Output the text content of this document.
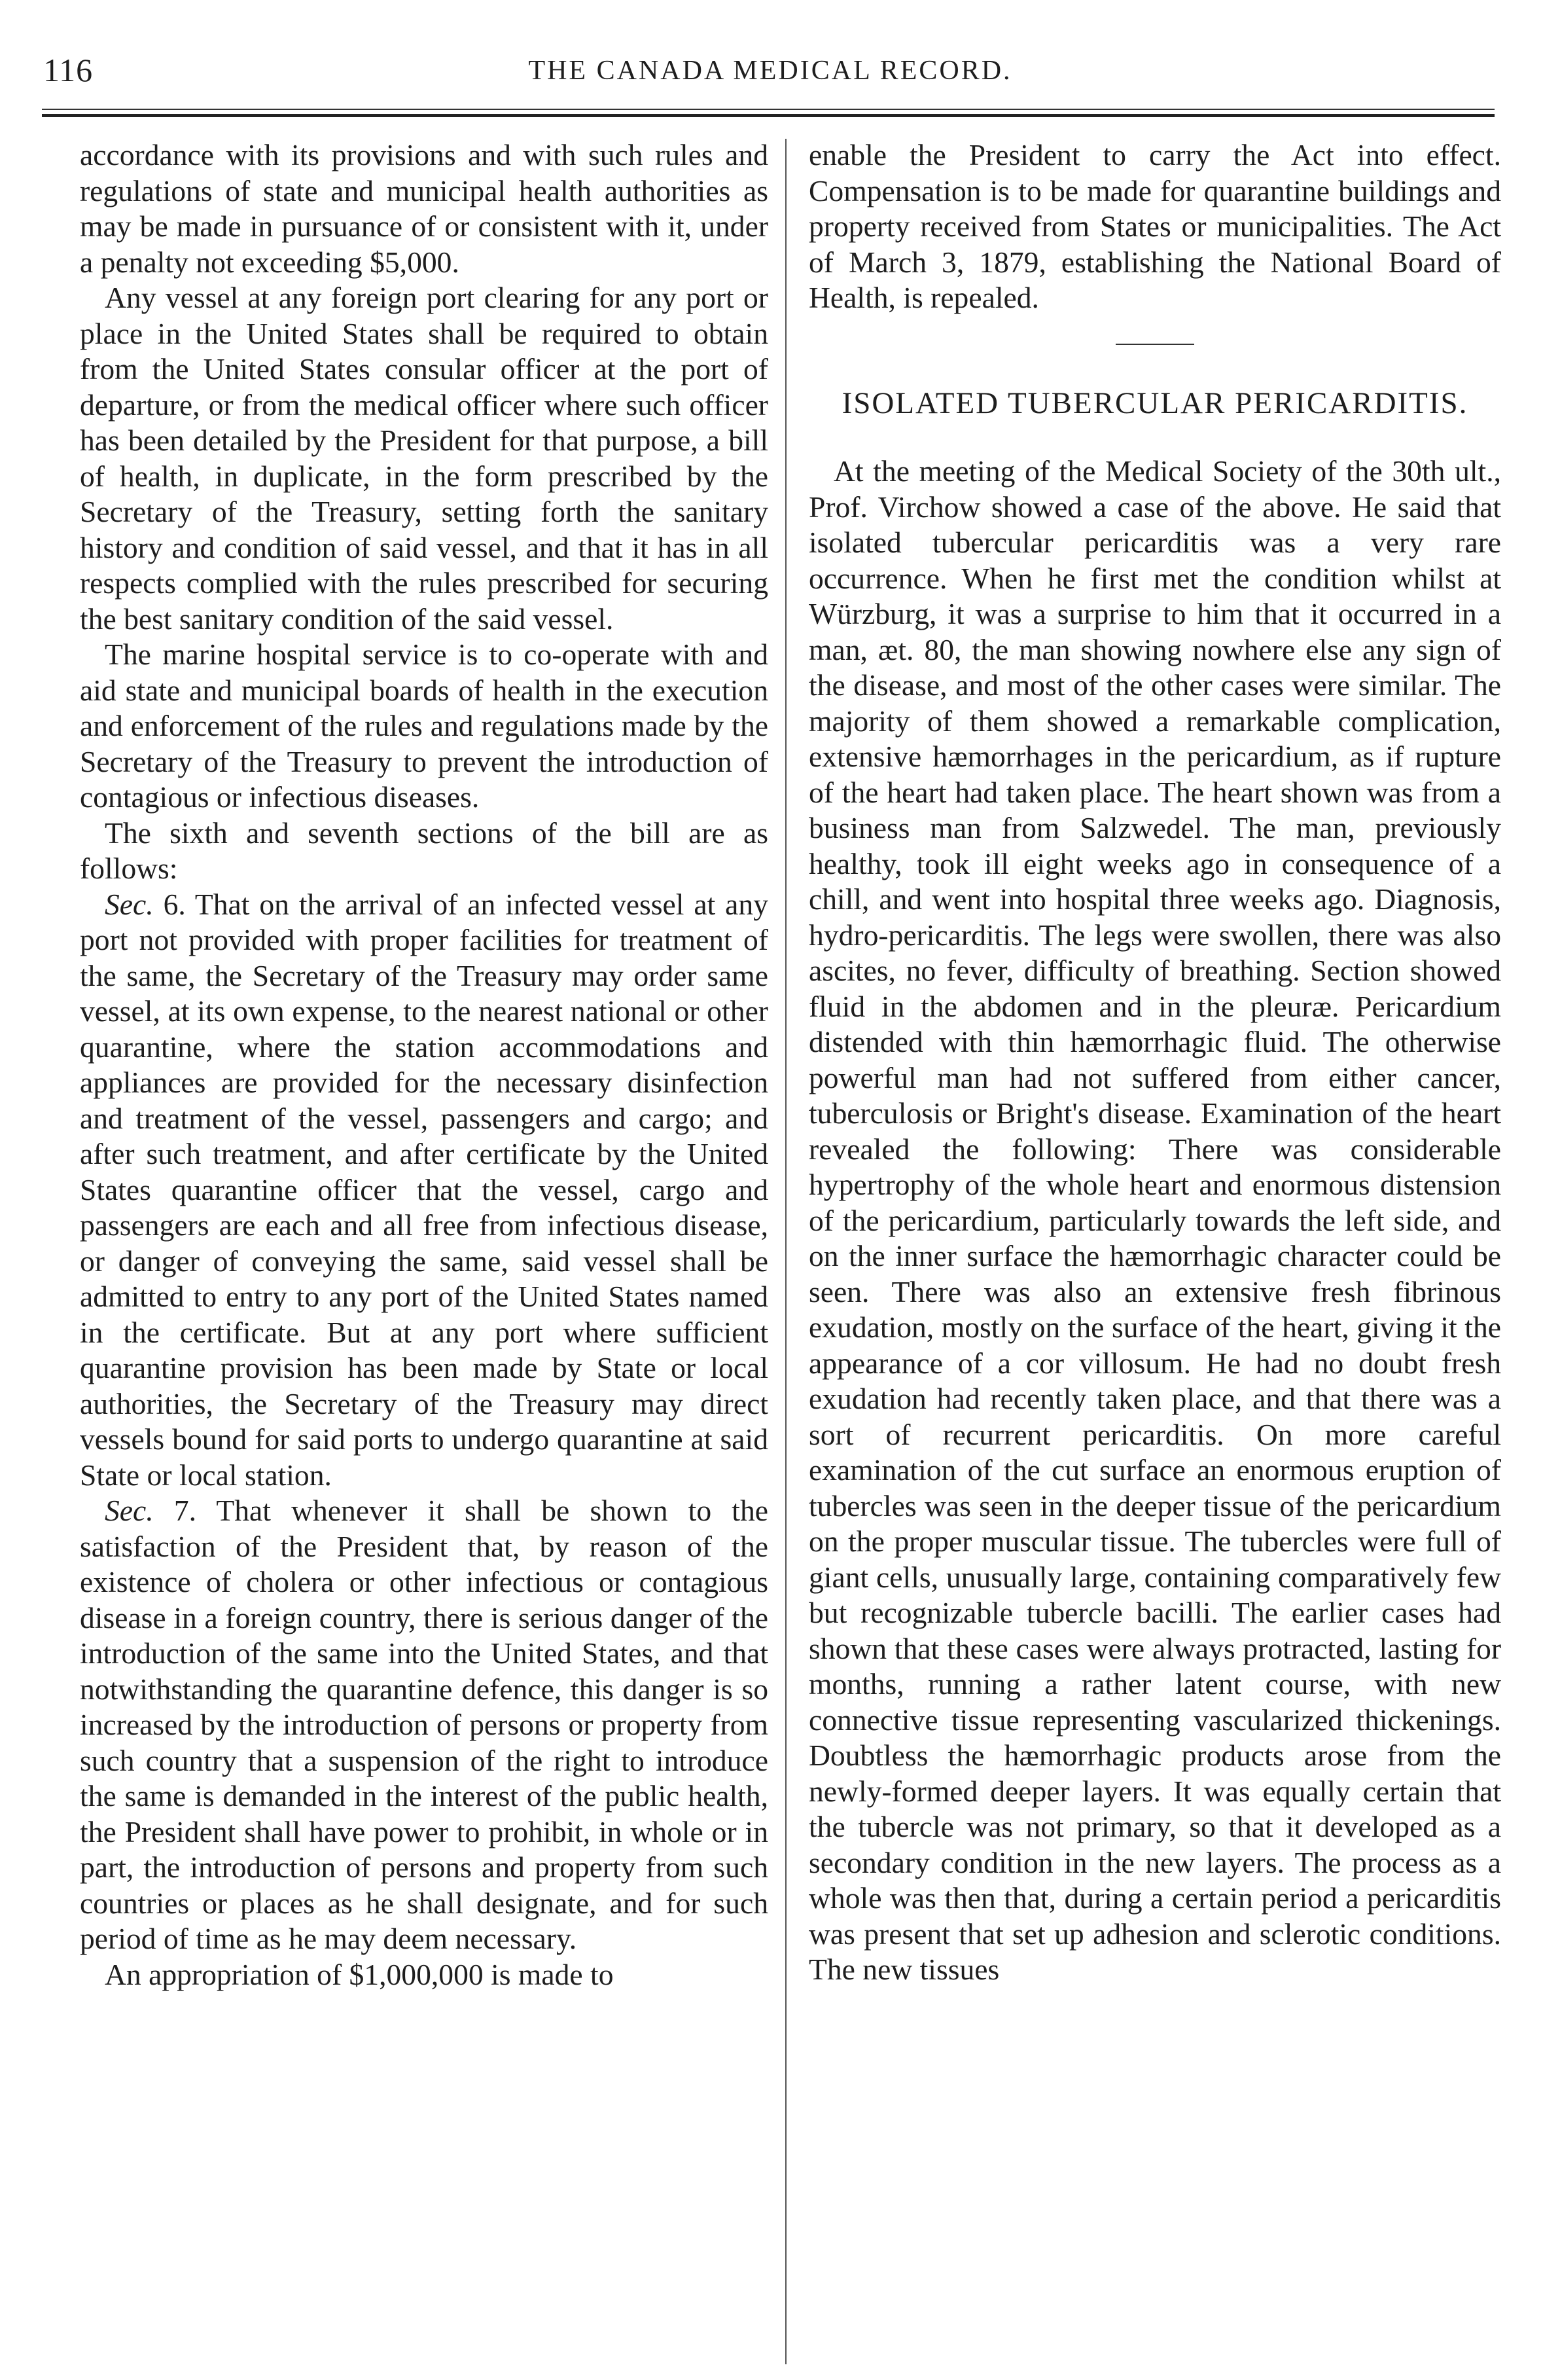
116	THE CANADA MEDICAL RECORD.

accordance with its provisions and with such rules and regulations of state and municipal health authorities as may be made in pursuance of or consistent with it, under a penalty not exceeding $5,000.

Any vessel at any foreign port clearing for any port or place in the United States shall be required to obtain from the United States consular officer at the port of departure, or from the medical officer where such officer has been detailed by the President for that purpose, a bill of health, in duplicate, in the form prescribed by the Secretary of the Treasury, setting forth the sanitary history and condition of said vessel, and that it has in all respects complied with the rules prescribed for securing the best sanitary condition of the said vessel.

The marine hospital service is to co-operate with and aid state and municipal boards of health in the execution and enforcement of the rules and regulations made by the Secretary of the Treasury to prevent the introduction of contagious or infectious diseases.

The sixth and seventh sections of the bill are as follows:

Sec. 6. That on the arrival of an infected vessel at any port not provided with proper facilities for treatment of the same, the Secretary of the Treasury may order same vessel, at its own expense, to the nearest national or other quarantine, where the station accommodations and appliances are provided for the necessary disinfection and treatment of the vessel, passengers and cargo; and after such treatment, and after certificate by the United States quarantine officer that the vessel, cargo and passengers are each and all free from infectious disease, or danger of conveying the same, said vessel shall be admitted to entry to any port of the United States named in the certificate. But at any port where sufficient quarantine provision has been made by State or local authorities, the Secretary of the Treasury may direct vessels bound for said ports to undergo quarantine at said State or local station.

Sec. 7. That whenever it shall be shown to the satisfaction of the President that, by reason of the existence of cholera or other infectious or contagious disease in a foreign country, there is serious danger of the introduction of the same into the United States, and that notwithstanding the quarantine defence, this danger is so increased by the introduction of persons or property from such country that a suspension of the right to introduce the same is demanded in the interest of the public health, the President shall have power to prohibit, in whole or in part, the introduction of persons and property from such countries or places as he shall designate, and for such period of time as he may deem necessary.

An appropriation of $1,000,000 is made to

enable the President to carry the Act into effect. Compensation is to be made for quarantine buildings and property received from States or municipalities. The Act of March 3, 1879, establishing the National Board of Health, is repealed.

ISOLATED TUBERCULAR PERICARDITIS.

At the meeting of the Medical Society of the 30th ult., Prof. Virchow showed a case of the above. He said that isolated tubercular pericarditis was a very rare occurrence. When he first met the condition whilst at Würzburg, it was a surprise to him that it occurred in a man, æt. 80, the man showing nowhere else any sign of the disease, and most of the other cases were similar. The majority of them showed a remarkable complication, extensive hæmorrhages in the pericardium, as if rupture of the heart had taken place. The heart shown was from a business man from Salzwedel. The man, previously healthy, took ill eight weeks ago in consequence of a chill, and went into hospital three weeks ago. Diagnosis, hydro-pericarditis. The legs were swollen, there was also ascites, no fever, difficulty of breathing. Section showed fluid in the abdomen and in the pleuræ. Pericardium distended with thin hæmorrhagic fluid. The otherwise powerful man had not suffered from either cancer, tuberculosis or Bright's disease. Examination of the heart revealed the following: There was considerable hypertrophy of the whole heart and enormous distension of the pericardium, particularly towards the left side, and on the inner surface the hæmorrhagic character could be seen. There was also an extensive fresh fibrinous exudation, mostly on the surface of the heart, giving it the appearance of a cor villosum. He had no doubt fresh exudation had recently taken place, and that there was a sort of recurrent pericarditis. On more careful examination of the cut surface an enormous eruption of tubercles was seen in the deeper tissue of the pericardium on the proper muscular tissue. The tubercles were full of giant cells, unusually large, containing comparatively few but recognizable tubercle bacilli. The earlier cases had shown that these cases were always protracted, lasting for months, running a rather latent course, with new connective tissue representing vascularized thickenings. Doubtless the hæmorrhagic products arose from the newly-formed deeper layers. It was equally certain that the tubercle was not primary, so that it developed as a secondary condition in the new layers. The process as a whole was then that, during a certain period a pericarditis was present that set up adhesion and sclerotic conditions. The new tissues
